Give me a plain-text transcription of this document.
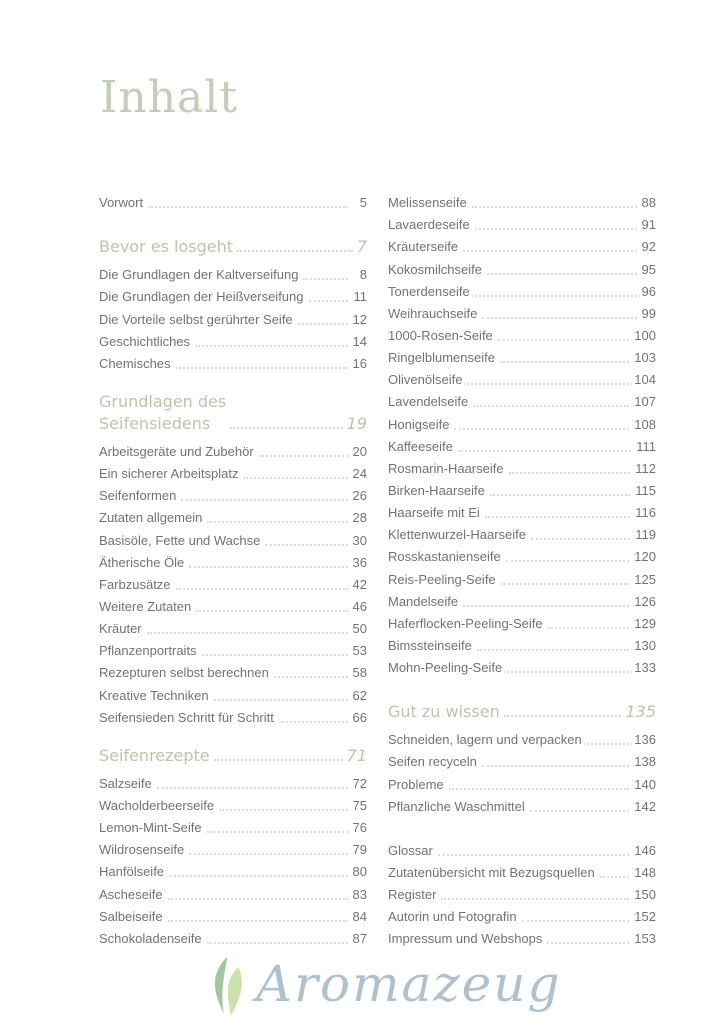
Inhalt
Vorwort	5
Bevor es losgeht	7
Die Grundlagen der Kaltverseifung	8
Die Grundlagen der Heißverseifung	11
Die Vorteile selbst gerührter Seife	12
Geschichtliches	14
Chemisches	16
Grundlagen des
Seifensiedens	19
Arbeitsgeräte und Zubehör	20
Ein sicherer Arbeitsplatz	24
Seifenformen	26
Zutaten allgemein	28
Basisöle, Fette und Wachse	30
Ätherische Öle	36
Farbzusätze	42
Weitere Zutaten	46
Kräuter	50
Pflanzenportraits	53
Rezepturen selbst berechnen	58
Kreative Techniken	62
Seifensieden Schritt für Schritt	66
Seifenrezepte	71
Salzseife	72
Wacholderbeerseife	75
Lemon-Mint-Seife	76
Wildrosenseife	79
Hanfölseife	80
Ascheseife	83
Salbeiseife	84
Schokoladenseife	87
Melissenseife	88
Lavaerdeseife	91
Kräuterseife	92
Kokosmilchseife	95
Tonerdenseife	96
Weihrauchseife	99
1000-Rosen-Seife	100
Ringelblumenseife	103
Olivenölseife	104
Lavendelseife	107
Honigseife	108
Kaffeeseife	111
Rosmarin-Haarseife	112
Birken-Haarseife	115
Haarseife mit Ei	116
Klettenwurzel-Haarseife	119
Rosskastanienseife	120
Reis-Peeling-Seife	125
Mandelseife	126
Haferflocken-Peeling-Seife	129
Bimssteinseife	130
Mohn-Peeling-Seife	133
Gut zu wissen	135
Schneiden, lagern und verpacken	136
Seifen recyceln	138
Probleme	140
Pflanzliche Waschmittel	142
Glossar	146
Zutatenübersicht mit Bezugsquellen	148
Register	150
Autorin und Fotografin	152
Impressum und Webshops	153
Aromazeug
